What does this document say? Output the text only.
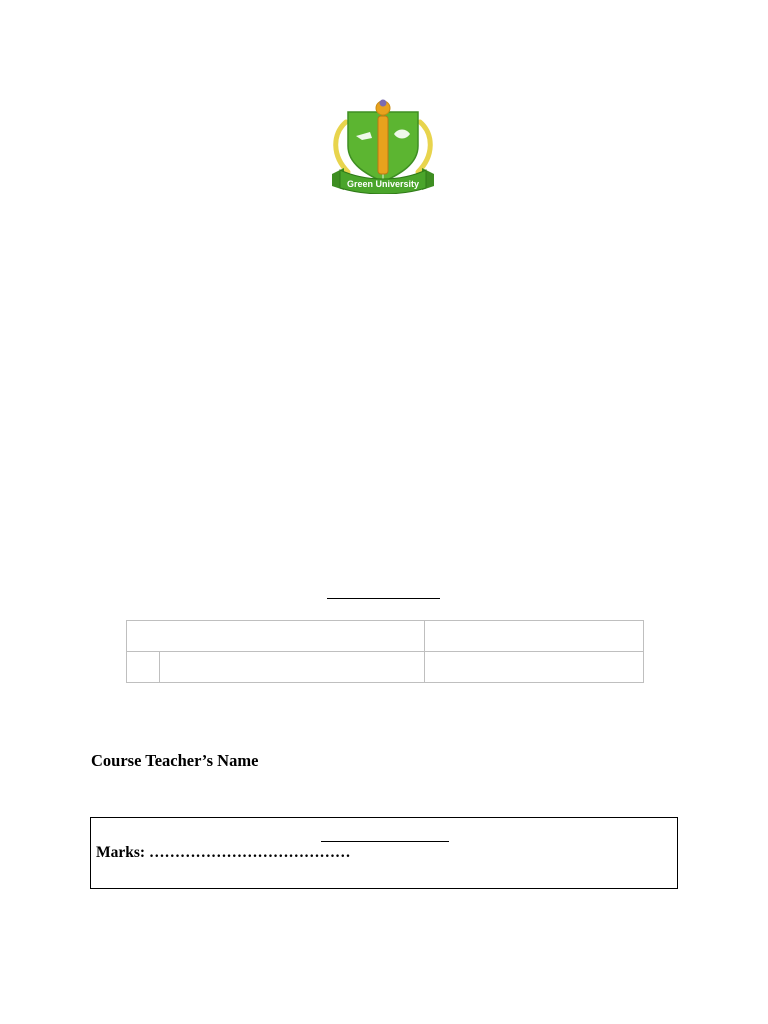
Green University

Course Teacher’s Name
Marks: …………………………………
